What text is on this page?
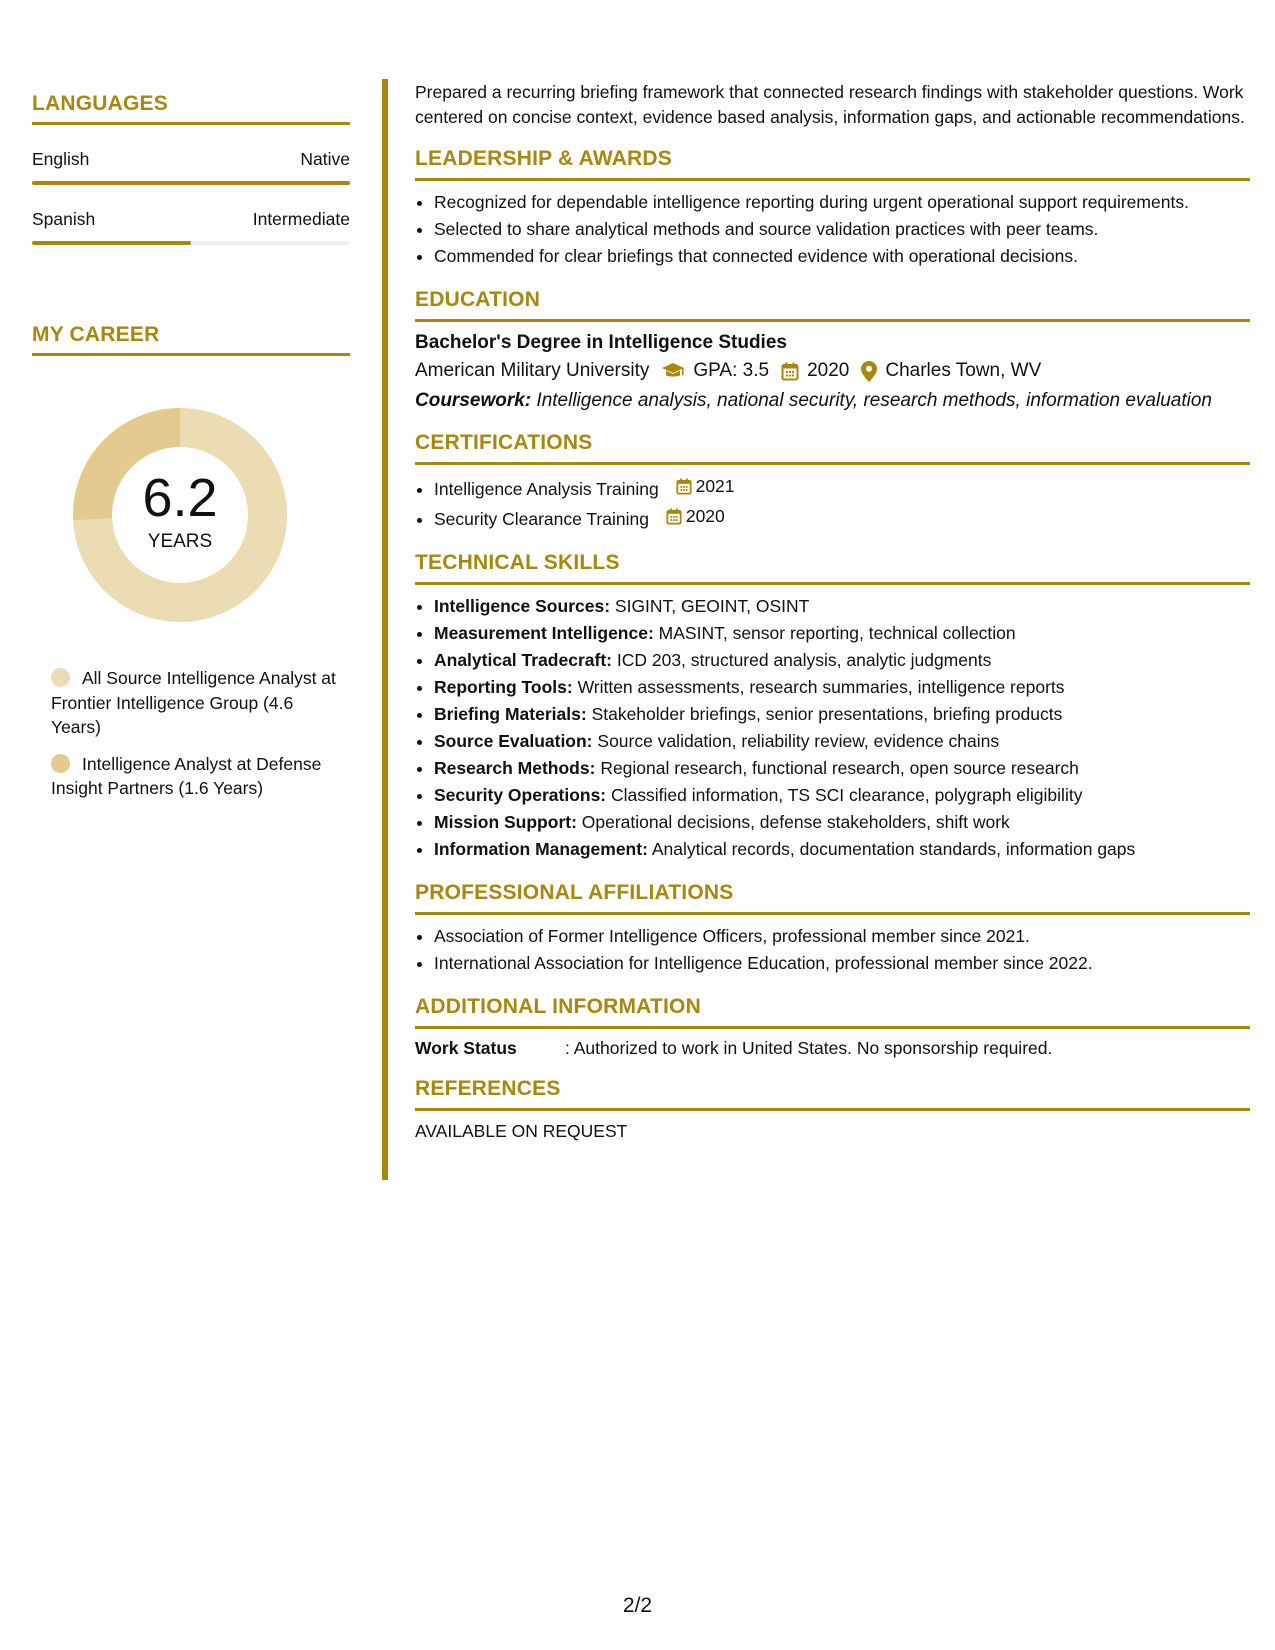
LANGUAGES
English	Native
Spanish	Intermediate
MY CAREER
6.2
YEARS
All Source Intelligence Analyst at Frontier Intelligence Group (4.6 Years)
Intelligence Analyst at Defense Insight Partners (1.6 Years)

Prepared a recurring briefing framework that connected research findings with stakeholder questions. Work centered on concise context, evidence based analysis, information gaps, and actionable recommendations.

LEADERSHIP & AWARDS
• Recognized for dependable intelligence reporting during urgent operational support requirements.
• Selected to share analytical methods and source validation practices with peer teams.
• Commended for clear briefings that connected evidence with operational decisions.
EDUCATION
Bachelor's Degree in Intelligence Studies
American Military University GPA: 3.5 2020 Charles Town, WV
Coursework: Intelligence analysis, national security, research methods, information evaluation
CERTIFICATIONS
• Intelligence Analysis Training 2021
• Security Clearance Training 2020
TECHNICAL SKILLS
• Intelligence Sources: SIGINT, GEOINT, OSINT
• Measurement Intelligence: MASINT, sensor reporting, technical collection
• Analytical Tradecraft: ICD 203, structured analysis, analytic judgments
• Reporting Tools: Written assessments, research summaries, intelligence reports
• Briefing Materials: Stakeholder briefings, senior presentations, briefing products
• Source Evaluation: Source validation, reliability review, evidence chains
• Research Methods: Regional research, functional research, open source research
• Security Operations: Classified information, TS SCI clearance, polygraph eligibility
• Mission Support: Operational decisions, defense stakeholders, shift work
• Information Management: Analytical records, documentation standards, information gaps
PROFESSIONAL AFFILIATIONS
• Association of Former Intelligence Officers, professional member since 2021.
• International Association for Intelligence Education, professional member since 2022.
ADDITIONAL INFORMATION
Work Status	: Authorized to work in United States. No sponsorship required.
REFERENCES
AVAILABLE ON REQUEST
2/2
